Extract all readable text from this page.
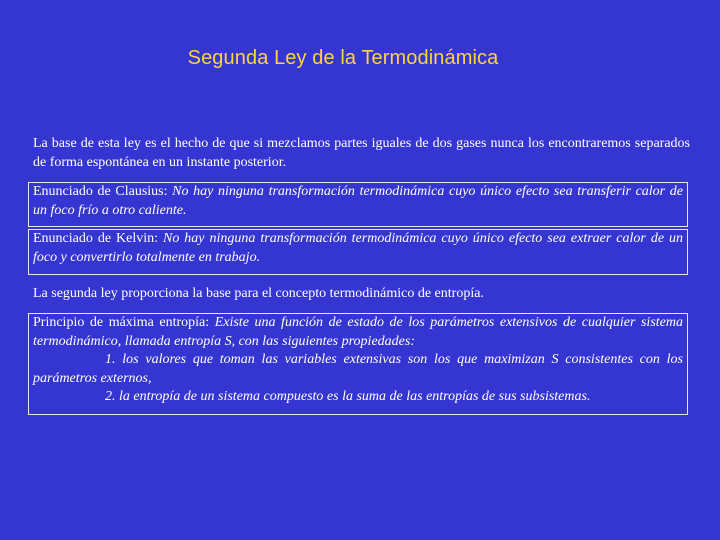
Segunda Ley de la Termodinámica
La base de esta ley es el hecho de que si mezclamos partes iguales de dos gases nunca los encontraremos separados de forma espontánea en un instante posterior.
Enunciado de Clausius: No hay ninguna transformación termodinámica cuyo único efecto sea transferir calor de un foco frío a otro caliente.
Enunciado de Kelvin: No hay ninguna transformación termodinámica cuyo único efecto sea extraer calor de un foco y convertirlo totalmente en trabajo.
La segunda ley proporciona la base para el concepto termodinámico de entropía.
Principio de máxima entropía: Existe una función de estado de los parámetros extensivos de cualquier sistema termodinámico, llamada entropía S, con las siguientes propiedades:
1. los valores que toman las variables extensivas son los que maximizan S consistentes con los parámetros externos,
2. la entropía de un sistema compuesto es la suma de las entropías de sus subsistemas.
